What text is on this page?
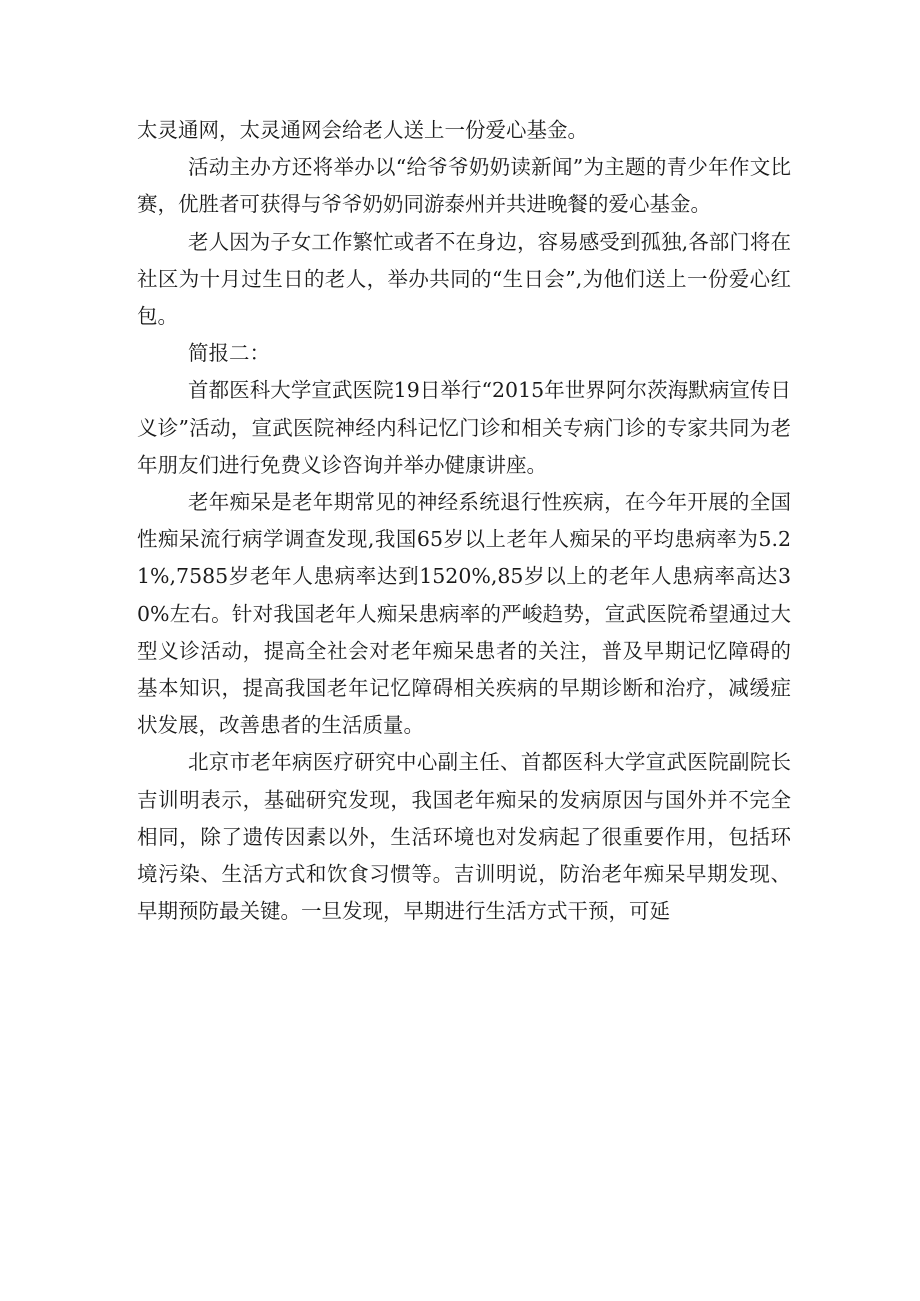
太灵通网，太灵通网会给老人送上一份爱心基金。

活动主办方还将举办以“给爷爷奶奶读新闻”为主题的青少年作文比赛，优胜者可获得与爷爷奶奶同游泰州并共进晚餐的爱心基金。

老人因为子女工作繁忙或者不在身边，容易感受到孤独,各部门将在社区为十月过生日的老人，举办共同的“生日会”,为他们送上一份爱心红包。

简报二：

首都医科大学宣武医院19日举行“2015年世界阿尔茨海默病宣传日义诊”活动，宣武医院神经内科记忆门诊和相关专病门诊的专家共同为老年朋友们进行免费义诊咨询并举办健康讲座。

老年痴呆是老年期常见的神经系统退行性疾病，在今年开展的全国性痴呆流行病学调查发现,我国65岁以上老年人痴呆的平均患病率为5.21%,7585岁老年人患病率达到1520%,85岁以上的老年人患病率高达30%左右。针对我国老年人痴呆患病率的严峻趋势，宣武医院希望通过大型义诊活动，提高全社会对老年痴呆患者的关注，普及早期记忆障碍的基本知识，提高我国老年记忆障碍相关疾病的早期诊断和治疗，减缓症状发展，改善患者的生活质量。

北京市老年病医疗研究中心副主任、首都医科大学宣武医院副院长吉训明表示，基础研究发现，我国老年痴呆的发病原因与国外并不完全相同，除了遗传因素以外，生活环境也对发病起了很重要作用，包括环境污染、生活方式和饮食习惯等。吉训明说，防治老年痴呆早期发现、早期预防最关键。一旦发现，早期进行生活方式干预，可延
